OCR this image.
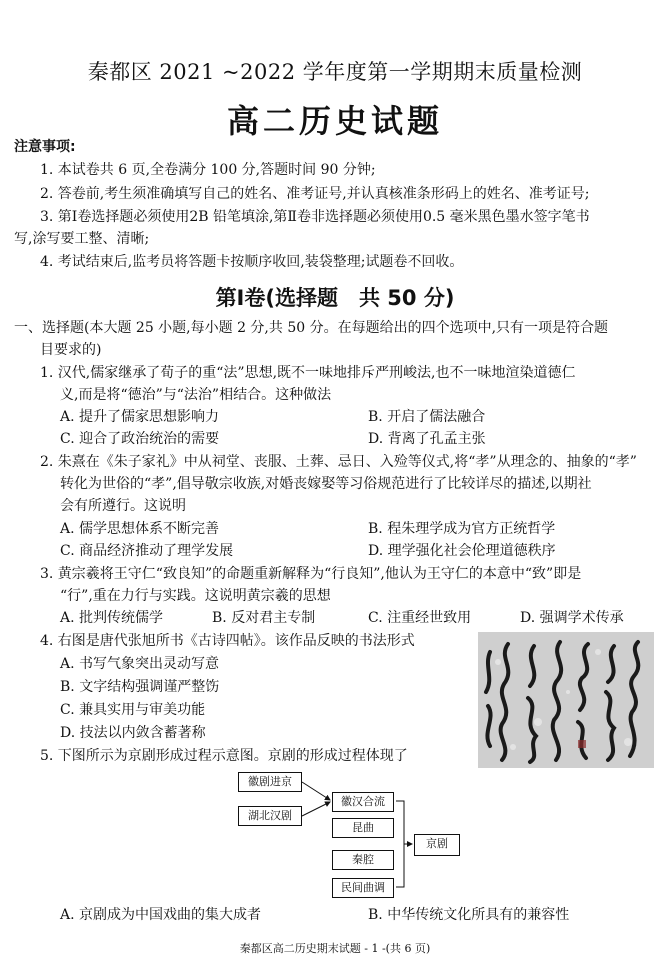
秦都区 2021 ~2022 学年度第一学期期末质量检测
高二历史试题
注意事项:
1. 本试卷共 6 页,全卷满分 100 分,答题时间 90 分钟;
2. 答卷前,考生须准确填写自己的姓名、准考证号,并认真核准条形码上的姓名、准考证号;
3. 第Ⅰ卷选择题必须使用2B 铅笔填涂,第Ⅱ卷非选择题必须使用0.5 毫米黑色墨水签字笔书
写,涂写要工整、清晰;
4. 考试结束后,监考员将答题卡按顺序收回,装袋整理;试题卷不回收。
第Ⅰ卷(选择题　共 50 分)
一、选择题(本大题 25 小题,每小题 2 分,共 50 分。在每题给出的四个选项中,只有一项是符合题
目要求的)
1. 汉代,儒家继承了荀子的重“法”思想,既不一味地排斥严刑峻法,也不一味地渲染道德仁
义,而是将“德治”与“法治”相结合。这种做法
A. 提升了儒家思想影响力	B. 开启了儒法融合
C. 迎合了政治统治的需要	D. 背离了孔孟主张
2. 朱熹在《朱子家礼》中从祠堂、丧服、土葬、忌日、入殓等仪式,将“孝”从理念的、抽象的“孝”
转化为世俗的“孝”,倡导敬宗收族,对婚丧嫁娶等习俗规范进行了比较详尽的描述,以期社
会有所遵行。这说明
A. 儒学思想体系不断完善	B. 程朱理学成为官方正统哲学
C. 商品经济推动了理学发展	D. 理学强化社会伦理道德秩序
3. 黄宗羲将王守仁“致良知”的命题重新解释为“行良知”,他认为王守仁的本意中“致”即是
“行”,重在力行与实践。这说明黄宗羲的思想
A. 批判传统儒学	B. 反对君主专制	C. 注重经世致用	D. 强调学术传承
4. 右图是唐代张旭所书《古诗四帖》。该作品反映的书法形式
A. 书写气象突出灵动写意
B. 文字结构强调谨严整饬
C. 兼具实用与审美功能
D. 技法以内敛含蓄著称
5. 下图所示为京剧形成过程示意图。京剧的形成过程体现了
徽剧进京
湖北汉剧
徽汉合流
昆曲
秦腔
民间曲调
京剧
A. 京剧成为中国戏曲的集大成者	B. 中华传统文化所具有的兼容性
秦都区高二历史期末试题 - 1 -(共 6 页)
